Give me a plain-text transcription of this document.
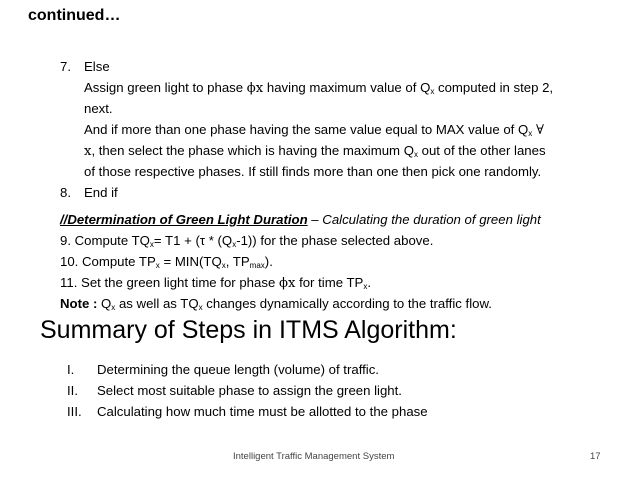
continued…
7. Else
Assign green light to phase ϕx having maximum value of $Q_x$ computed in step 2,
next.
And if more than one phase having the same value equal to MAX value of $Q_x$ ∀
x, then select the phase which is having the maximum $Q_x$ out of the other lanes
of those respective phases. If still finds more than one then pick one randomly.
8. End if
//Determination of Green Light Duration – Calculating the duration of green light
9. Compute $TQ_x= T1 + (\tau * (Q_x-1))$ for the phase selected above.
10. Compute $TP_x = MIN(TQ_x$, $TP_{max}$).
11. Set the green light time for phase ϕx for time $TP_x$.
Note : $Q_x$ as well as $TQ_x$ changes dynamically according to the traffic flow.
Summary of Steps in ITMS Algorithm:
I. Determining the queue length (volume) of traffic.
II. Select most suitable phase to assign the green light.
III. Calculating how much time must be allotted to the phase
Intelligent Traffic Management System	17
